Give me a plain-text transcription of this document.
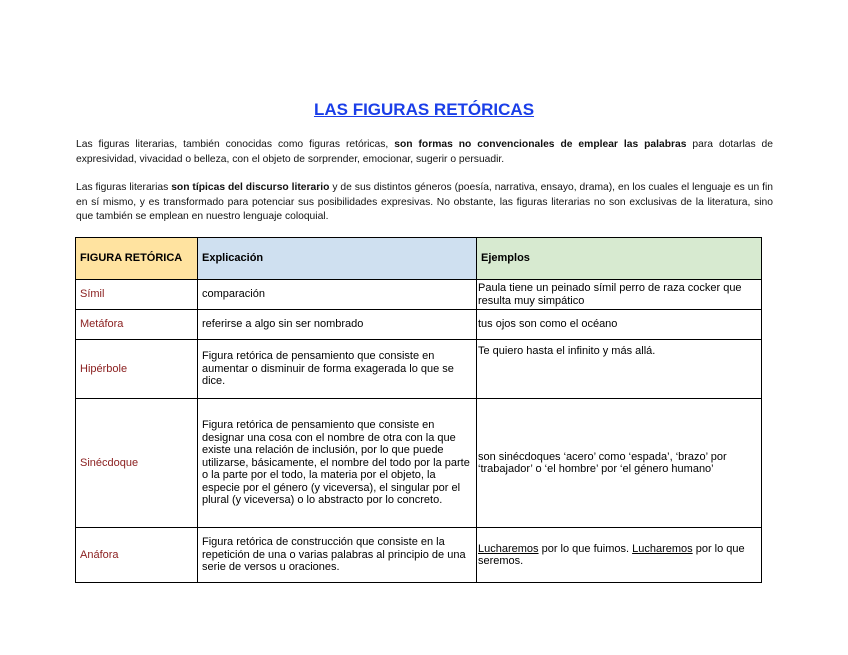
LAS FIGURAS RETÓRICAS
Las figuras literarias, también conocidas como figuras retóricas, son formas no convencionales de emplear las palabras para dotarlas de expresividad, vivacidad o belleza, con el objeto de sorprender, emocionar, sugerir o persuadir.
Las figuras literarias son típicas del discurso literario y de sus distintos géneros (poesía, narrativa, ensayo, drama), en los cuales el lenguaje es un fin en sí mismo, y es transformado para potenciar sus posibilidades expresivas. No obstante, las figuras literarias no son exclusivas de la literatura, sino que también se emplean en nuestro lenguaje coloquial.
FIGURA RETÓRICA	Explicación	Ejemplos
Símil	comparación	Paula tiene un peinado símil perro de raza cocker que resulta muy simpático
Metáfora	referirse a algo sin ser nombrado	tus ojos son como el océano
Hipérbole	Figura retórica de pensamiento que consiste en aumentar o disminuir de forma exagerada lo que se dice.	Te quiero hasta el infinito y más allá.
Sinécdoque	Figura retórica de pensamiento que consiste en designar una cosa con el nombre de otra con la que existe una relación de inclusión, por lo que puede utilizarse, básicamente, el nombre del todo por la parte o la parte por el todo, la materia por el objeto, la especie por el género (y viceversa), el singular por el plural (y viceversa) o lo abstracto por lo concreto.	son sinécdoques ‘acero’ como ‘espada’, ‘brazo’ por ‘trabajador’ o ‘el hombre’ por ‘el género humano’
Anáfora	Figura retórica de construcción que consiste en la repetición de una o varias palabras al principio de una serie de versos u oraciones.	Lucharemos por lo que fuimos. Lucharemos por lo que seremos.
